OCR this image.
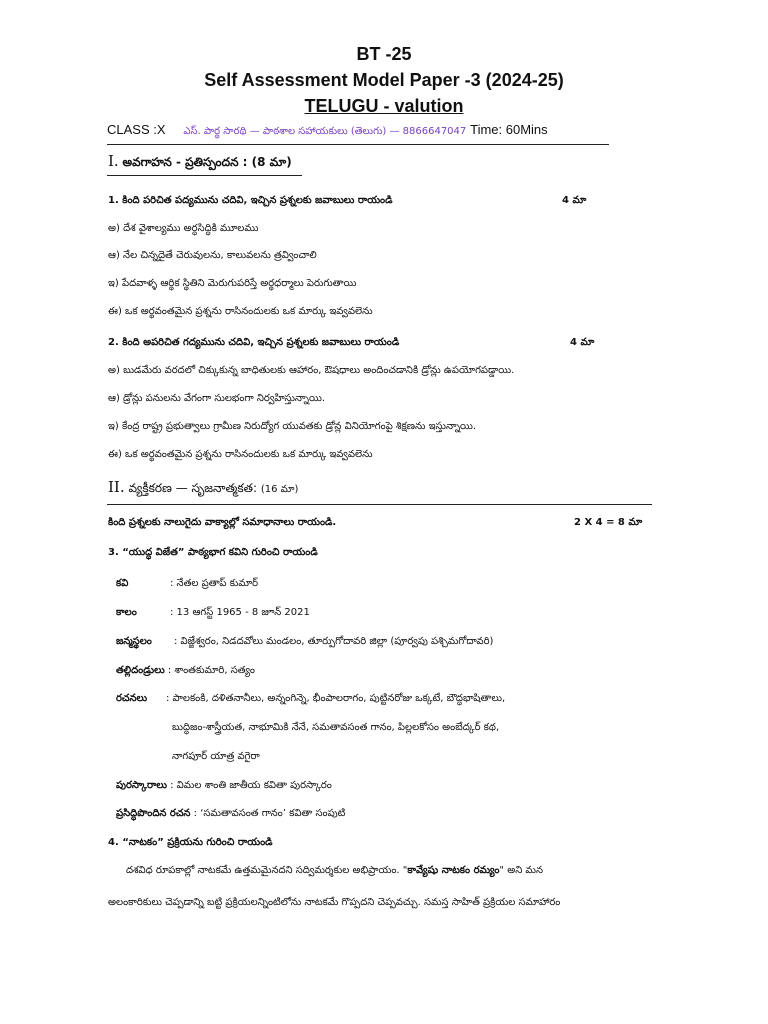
BT -25
Self Assessment Model Paper -3 (2024-25)
TELUGU - valution
CLASS :X ఎస్. పార్థ సారథి — పాఠశాల సహాయకులు (తెలుగు) — 8866647047 Time: 60Mins
I. అవగాహన - ప్రతిస్పందన : (8 మా)
1. కింది పరిచిత పద్యమును చదివి, ఇచ్చిన ప్రశ్నలకు జవాబులు రాయండి	4 మా
అ) దేశ వైశాల్యము అర్ధసిద్ధికి మూలము
ఆ) నేల చిన్నదైతే చెరువులను, కాలువలను త్రవ్వించాలి
ఇ) పేదవాళ్ళ ఆర్థిక స్థితిని మెరుగుపరిస్తే అర్థధర్మాలు పెరుగుతాయి
ఈ) ఒక అర్థవంతమైన ప్రశ్నను రాసినందులకు ఒక మార్కు ఇవ్వవలెను
2. కింది అపరిచిత గద్యమును చదివి, ఇచ్చిన ప్రశ్నలకు జవాబులు రాయండి	4 మా
అ) బుడమేరు వరదలో చిక్కుకున్న బాధితులకు ఆహారం, ఔషధాలు అందించడానికి డ్రోన్లు ఉపయోగపడ్డాయి.
ఆ) డ్రోన్లు పనులను వేగంగా సులభంగా నిర్వహిస్తున్నాయి.
ఇ) కేంద్ర రాష్ట్ర ప్రభుత్వాలు గ్రామీణ నిరుద్యోగ యువతకు డ్రోన్ల వినియోగంపై శిక్షణను ఇస్తున్నాయి.
ఈ) ఒక అర్థవంతమైన ప్రశ్నను రాసినందులకు ఒక మార్కు ఇవ్వవలెను
II. వ్యక్తీకరణ — సృజనాత్మకత: (16 మా)
కింది ప్రశ్నలకు నాలుగైదు వాక్యాల్లో సమాధానాలు రాయండి.	2 X 4 = 8 మా
3. “యుద్ధ విజేత” పాఠ్యభాగ కవిని గురించి రాయండి
కవి	: నేతల ప్రతాప్ కుమార్
కాలం	: 13 ఆగస్ట్ 1965 - 8 జూన్ 2021
జన్మస్థలం : విజ్జేశ్వరం, నిడదవోలు మండలం, తూర్పుగోదావరి జిల్లా (పూర్వపు పశ్చిమగోదావరి)
తల్లిదండ్రులు : శాంతకుమారి, సత్యం
రచనలు : పాలకంకి, దళితనానీలు, అన్నంగిన్నె, భీంపాలరాగం, పుట్టినరోజు ఒక్కటే, బౌద్ధభాషితాలు,
బుద్ధిజం-శాస్త్రీయత, నాభూమికి నేనే, సమతావసంత గానం, పిల్లలకోసం అంబేద్కర్ కథ,
నాగపూర్ యాత్ర వగైరా
పురస్కారాలు : విమల శాంతి జాతీయ కవితా పురస్కారం
ప్రసిద్ధిపొందిన రచన : ‘సమతావసంత గానం’ కవితా సంపుటి
4. “నాటకం” ప్రక్రియను గురించి రాయండి
దశవిధ రూపకాల్లో నాటకమే ఉత్తమమైనదని సద్విమర్శకుల అభిప్రాయం. "కావ్యేషు నాటకం రమ్యం" అని మన
అలంకారికులు చెప్పడాన్ని బట్టి ప్రక్రియలన్నింటిలోను నాటకమే గొప్పదని చెప్పవచ్చు. సమస్త సాహిత్ ప్రక్రియల సమాహారం
